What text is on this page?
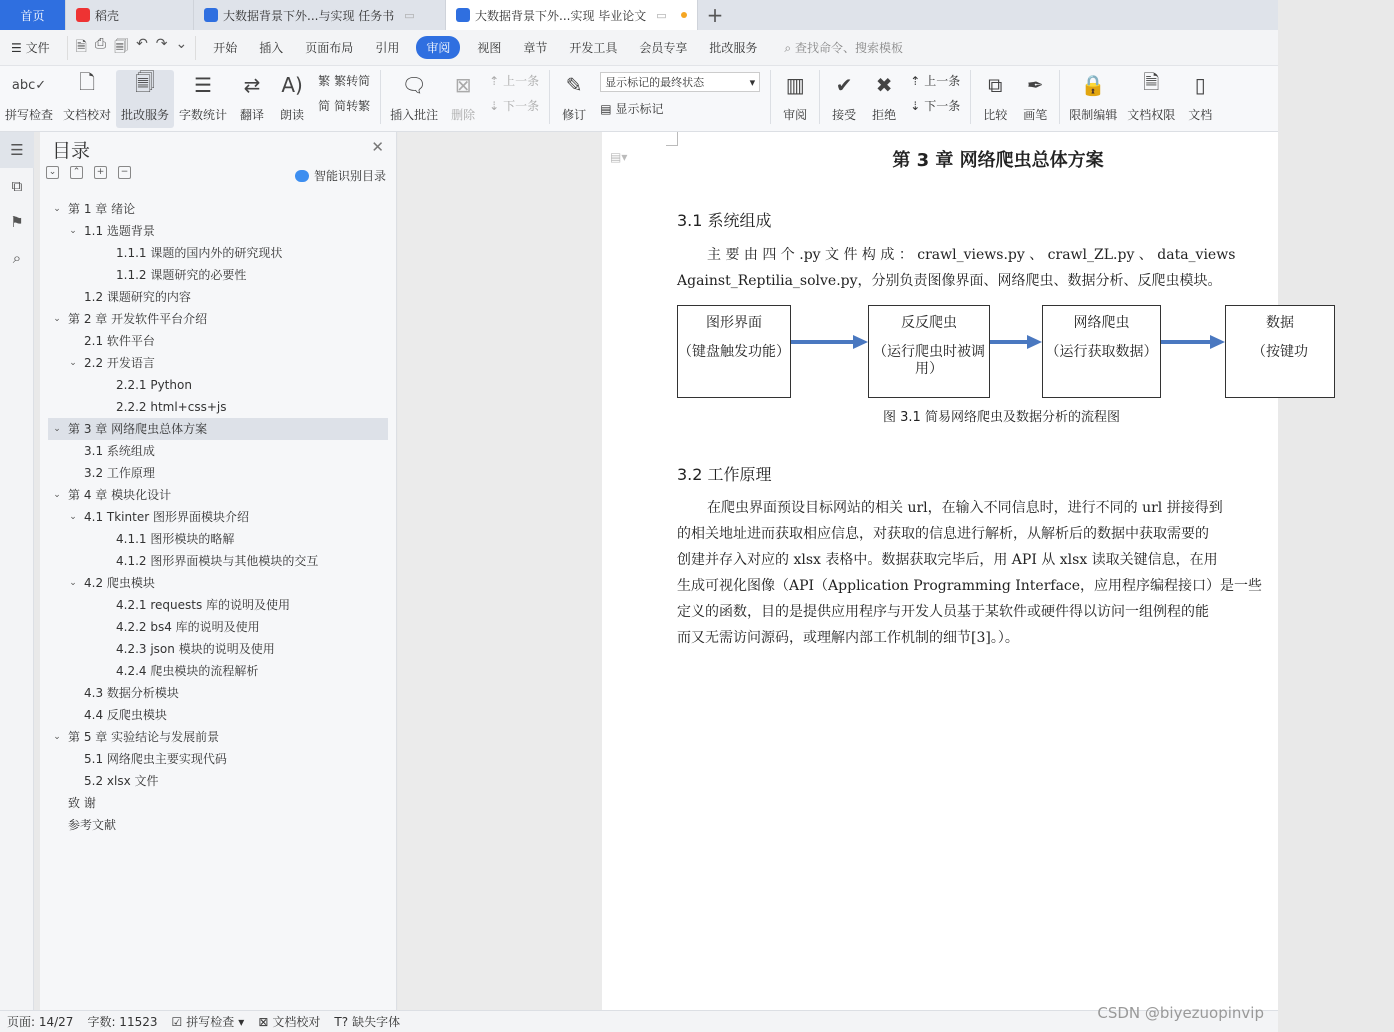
首页	稻壳	大数据背景下外...与实现 任务书 ▭	大数据背景下外...实现 毕业论文 ▭	+
☰ 文件	🗎 ⎙ 🗐 ↶ ↷ ⌄	开始	插入	页面布局	引用	审阅	视图	章节	开发工具	会员专享	批改服务	⌕ 查找命令、搜索模板
abc✓
拼写检查
🗋
文档校对
🗐
批改服务
☰
字数统计
⇄
翻译
A)
朗读
繁 繁转简
简 简转繁
🗨
插入批注
⊠
删除
⇡ 上一条
⇣ 下一条
✎
修订
显示标记的最终状态	▾
▤ 显示标记
▥
审阅
✔
接受
✖
拒绝
⇡ 上一条
⇣ 下一条
⧉
比较
✒
画笔
🔒
限制编辑
🗎
文档权限
▯
文档
☰
⧉
⚑
⌕
目录	✕
⌄	⌃	+	−	智能识别目录
⌄ 第 1 章 绪论
⌄ 1.1 选题背景
1.1.1 课题的国内外的研究现状
1.1.2 课题研究的必要性
1.2 课题研究的内容
⌄ 第 2 章 开发软件平台介绍
2.1 软件平台
⌄ 2.2 开发语言
2.2.1 Python
2.2.2 html+css+js
⌄ 第 3 章 网络爬虫总体方案
3.1 系统组成
3.2 工作原理
⌄ 第 4 章 模块化设计
⌄ 4.1 Tkinter 图形界面模块介绍
4.1.1 图形模块的略解
4.1.2 图形界面模块与其他模块的交互
⌄ 4.2 爬虫模块
4.2.1 requests 库的说明及使用
4.2.2 bs4 库的说明及使用
4.2.3 json 模块的说明及使用
4.2.4 爬虫模块的流程解析
4.3 数据分析模块
4.4 反爬虫模块
⌄ 第 5 章 实验结论与发展前景
5.1 网络爬虫主要实现代码
5.2 xlsx 文件
致 谢
参考文献
▤▾	第 3 章 网络爬虫总体方案
3.1 系统组成
主 要 由 四 个 .py 文 件 构 成 ： crawl_views.py 、 crawl_ZL.py 、 data_views
Against_Reptilia_solve.py，分别负责图像界面、网络爬虫、数据分析、反爬虫模块。
图形界面
（键盘触发功能）
反反爬虫
（运行爬虫时被调用）
网络爬虫
（运行获取数据）
数据
（按键功
图 3.1 简易网络爬虫及数据分析的流程图
3.2 工作原理
在爬虫界面预设目标网站的相关 url，在输入不同信息时，进行不同的 url 拼接得到
的相关地址进而获取相应信息，对获取的信息进行解析，从解析后的数据中获取需要的
创建并存入对应的 xlsx 表格中。数据获取完毕后，用 API 从 xlsx 读取关键信息，在用
生成可视化图像（API（Application Programming Interface，应用程序编程接口）是一些
定义的函数，目的是提供应用程序与开发人员基于某软件或硬件得以访问一组例程的能
而又无需访问源码，或理解内部工作机制的细节[3]。）。
页面: 14/27	字数: 11523	☑ 拼写检查 ▾ ⊠ 文档校对 T? 缺失字体	CSDN @biyezuopinvip
